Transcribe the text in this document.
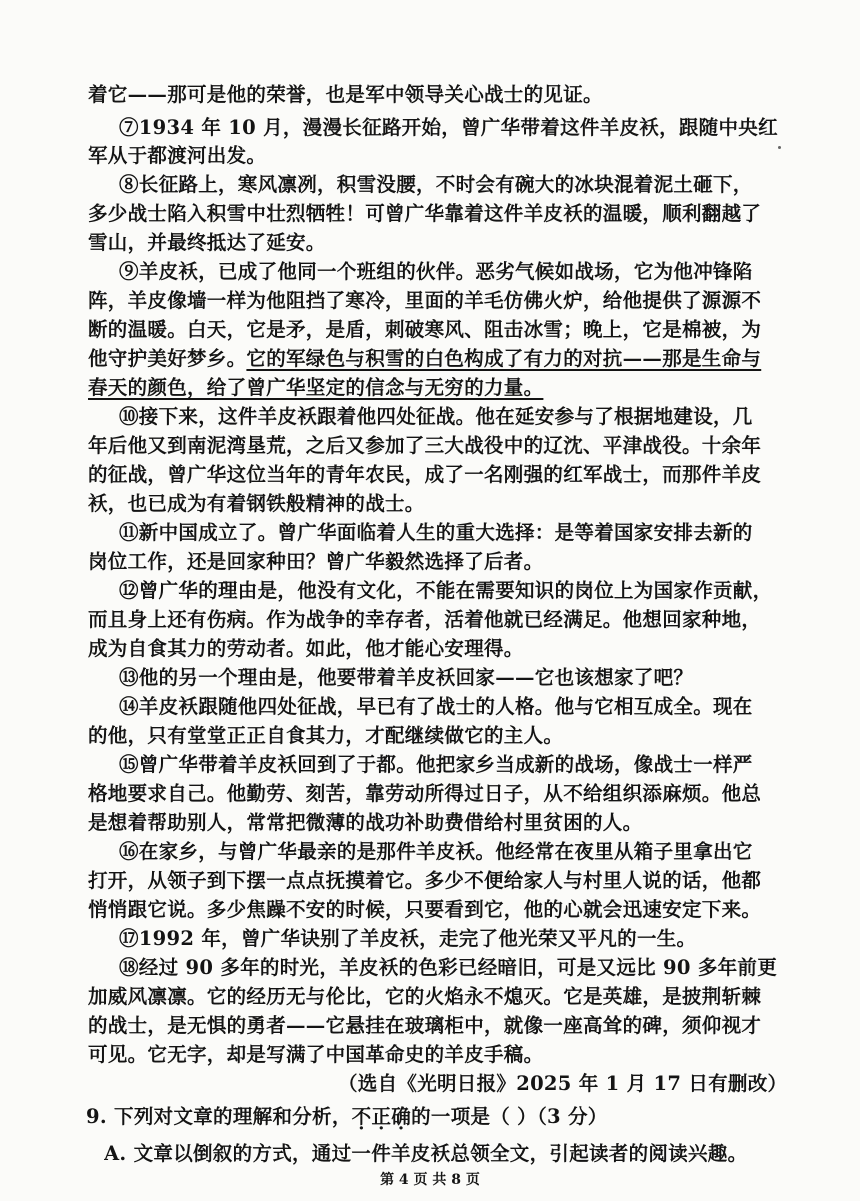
着它——那可是他的荣誉，也是军中领导关心战士的见证。
⑦1934 年 10 月，漫漫长征路开始，曾广华带着这件羊皮袄，跟随中央红
军从于都渡河出发。
⑧长征路上，寒风凛冽，积雪没腰，不时会有碗大的冰块混着泥土砸下，
多少战士陷入积雪中壮烈牺牲！可曾广华靠着这件羊皮袄的温暖，顺利翻越了
雪山，并最终抵达了延安。
⑨羊皮袄，已成了他同一个班组的伙伴。恶劣气候如战场，它为他冲锋陷
阵，羊皮像墙一样为他阻挡了寒冷，里面的羊毛仿佛火炉，给他提供了源源不
断的温暖。白天，它是矛，是盾，刺破寒风、阻击冰雪；晚上，它是棉被，为
他守护美好梦乡。它的军绿色与积雪的白色构成了有力的对抗——那是生命与
春天的颜色，给了曾广华坚定的信念与无穷的力量。
⑩接下来，这件羊皮袄跟着他四处征战。他在延安参与了根据地建设，几
年后他又到南泥湾垦荒，之后又参加了三大战役中的辽沈、平津战役。十余年
的征战，曾广华这位当年的青年农民，成了一名刚强的红军战士，而那件羊皮
袄，也已成为有着钢铁般精神的战士。
⑪新中国成立了。曾广华面临着人生的重大选择：是等着国家安排去新的
岗位工作，还是回家种田？曾广华毅然选择了后者。
⑫曾广华的理由是，他没有文化，不能在需要知识的岗位上为国家作贡献，
而且身上还有伤病。作为战争的幸存者，活着他就已经满足。他想回家种地，
成为自食其力的劳动者。如此，他才能心安理得。
⑬他的另一个理由是，他要带着羊皮袄回家——它也该想家了吧？
⑭羊皮袄跟随他四处征战，早已有了战士的人格。他与它相互成全。现在
的他，只有堂堂正正自食其力，才配继续做它的主人。
⑮曾广华带着羊皮袄回到了于都。他把家乡当成新的战场，像战士一样严
格地要求自己。他勤劳、刻苦，靠劳动所得过日子，从不给组织添麻烦。他总
是想着帮助别人，常常把微薄的战功补助费借给村里贫困的人。
⑯在家乡，与曾广华最亲的是那件羊皮袄。他经常在夜里从箱子里拿出它
打开，从领子到下摆一点点抚摸着它。多少不便给家人与村里人说的话，他都
悄悄跟它说。多少焦躁不安的时候，只要看到它，他的心就会迅速安定下来。
⑰1992 年，曾广华诀别了羊皮袄，走完了他光荣又平凡的一生。
⑱经过 90 多年的时光，羊皮袄的色彩已经暗旧，可是又远比 90 多年前更
加威风凛凛。它的经历无与伦比，它的火焰永不熄灭。它是英雄，是披荆斩棘
的战士，是无惧的勇者——它悬挂在玻璃柜中，就像一座高耸的碑，须仰视才
可见。它无字，却是写满了中国革命史的羊皮手稿。
（选自《光明日报》2025 年 1 月 17 日有删改）
9. 下列对文章的理解和分析，不正确的一项是（ ）（3 分）
A. 文章以倒叙的方式，通过一件羊皮袄总领全文，引起读者的阅读兴趣。
第 4 页 共 8 页
